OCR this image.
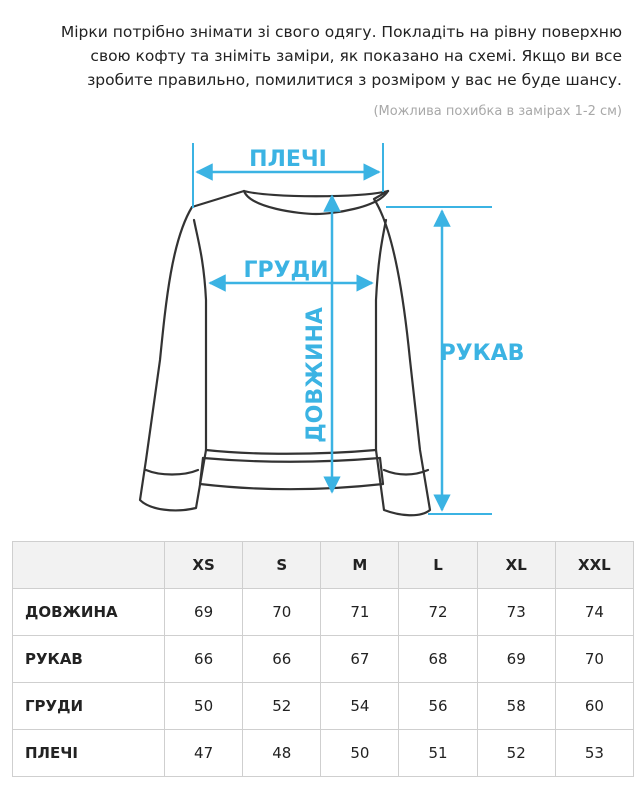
Мірки потрібно знімати зі свого одягу. Покладіть на рівну поверхню

свою кофту та зніміть заміри, як показано на схемі. Якщо ви все

зробите правильно, помилитися з розміром у вас не буде шансу.

(Можлива похибка в замірах 1-2 см)
ПЛЕЧІ
ГРУДИ
ДОВЖИНА	РУКАВ
	XS	S	M	L	XL	XXL
ДОВЖИНА	69	70	71	72	73	74
РУКАВ	66	66	67	68	69	70
ГРУДИ	50	52	54	56	58	60
ПЛЕЧІ	47	48	50	51	52	53
